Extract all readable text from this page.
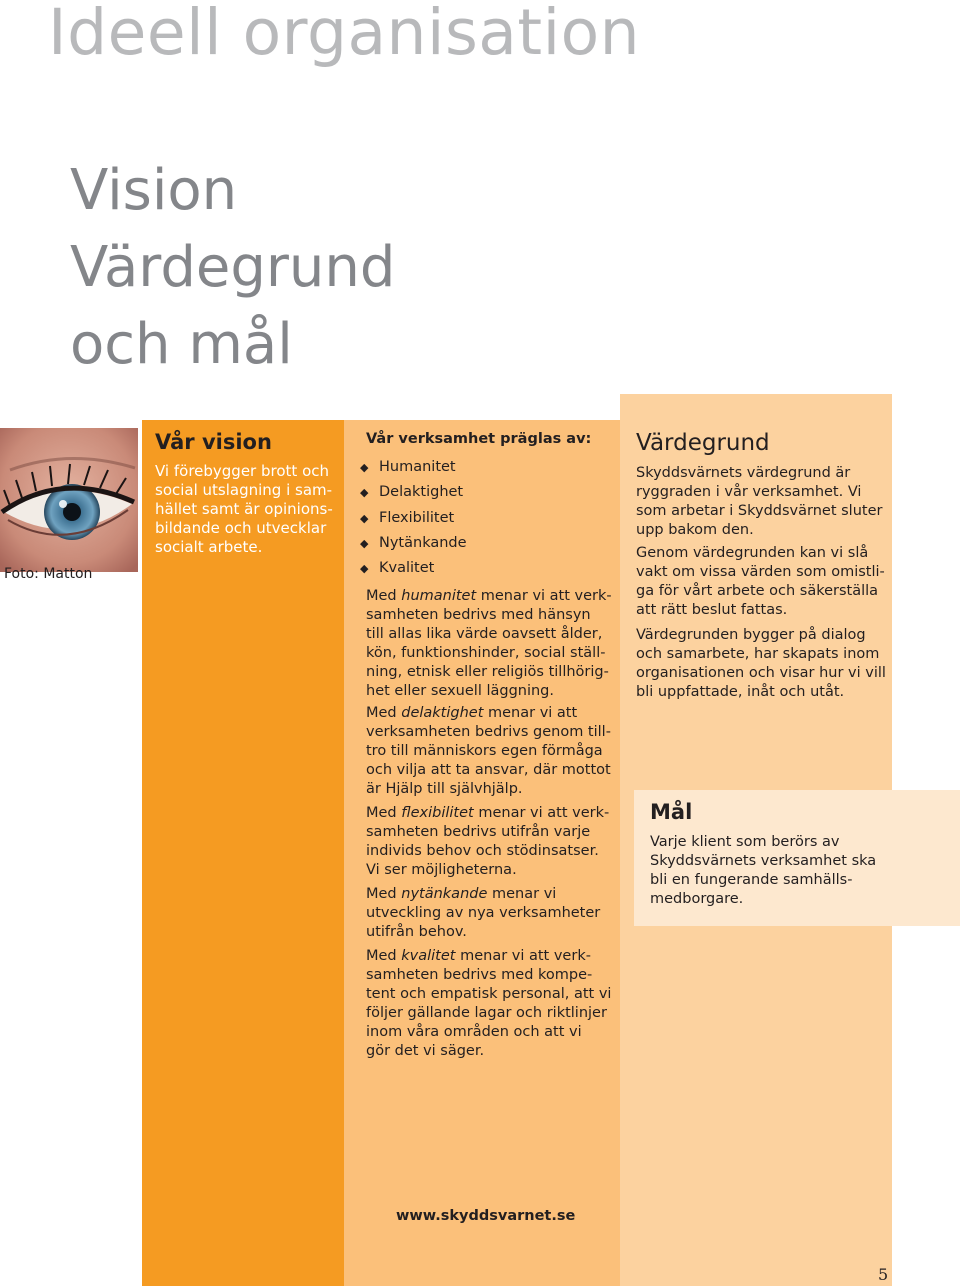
Ideell organisation
Vision
Värdegrund
och mål
Foto: Matton
Vår vision
Vi förebygger brott och
social utslagning i sam-
hället samt är opinions-
bildande och utvecklar
socialt arbete.
Vår verksamhet präglas av:
◆ Humanitet
◆ Delaktighet
◆ Flexibilitet
◆ Nytänkande
◆ Kvalitet

Med humanitet menar vi att verk-
samheten bedrivs med hänsyn
till allas lika värde oavsett ålder,
kön, funktionshinder, social ställ-
ning, etnisk eller religiös tillhörig-
het eller sexuell läggning.

Med delaktighet menar vi att
verksamheten bedrivs genom till-
tro till människors egen förmåga
och vilja att ta ansvar, där mottot
är Hjälp till självhjälp.

Med flexibilitet menar vi att verk-
samheten bedrivs utifrån varje
individs behov och stödinsatser.
Vi ser möjligheterna.

Med nytänkande menar vi
utveckling av nya verksamheter
utifrån behov.

Med kvalitet menar vi att verk-
samheten bedrivs med kompe-
tent och empatisk personal, att vi
följer gällande lagar och riktlinjer
inom våra områden och att vi
gör det vi säger.

Värdegrund

Skyddsvärnets värdegrund är
ryggraden i vår verksamhet. Vi
som arbetar i Skyddsvärnet sluter
upp bakom den.

Genom värdegrunden kan vi slå
vakt om vissa värden som omistli-
ga för vårt arbete och säkerställa
att rätt beslut fattas.

Värdegrunden bygger på dialog
och samarbete, har skapats inom
organisationen och visar hur vi vill
bli uppfattade, inåt och utåt.

Mål

Varje klient som berörs av
Skyddsvärnets verksamhet ska
bli en fungerande samhälls-
medborgare.

www.skyddsvarnet.se
5
